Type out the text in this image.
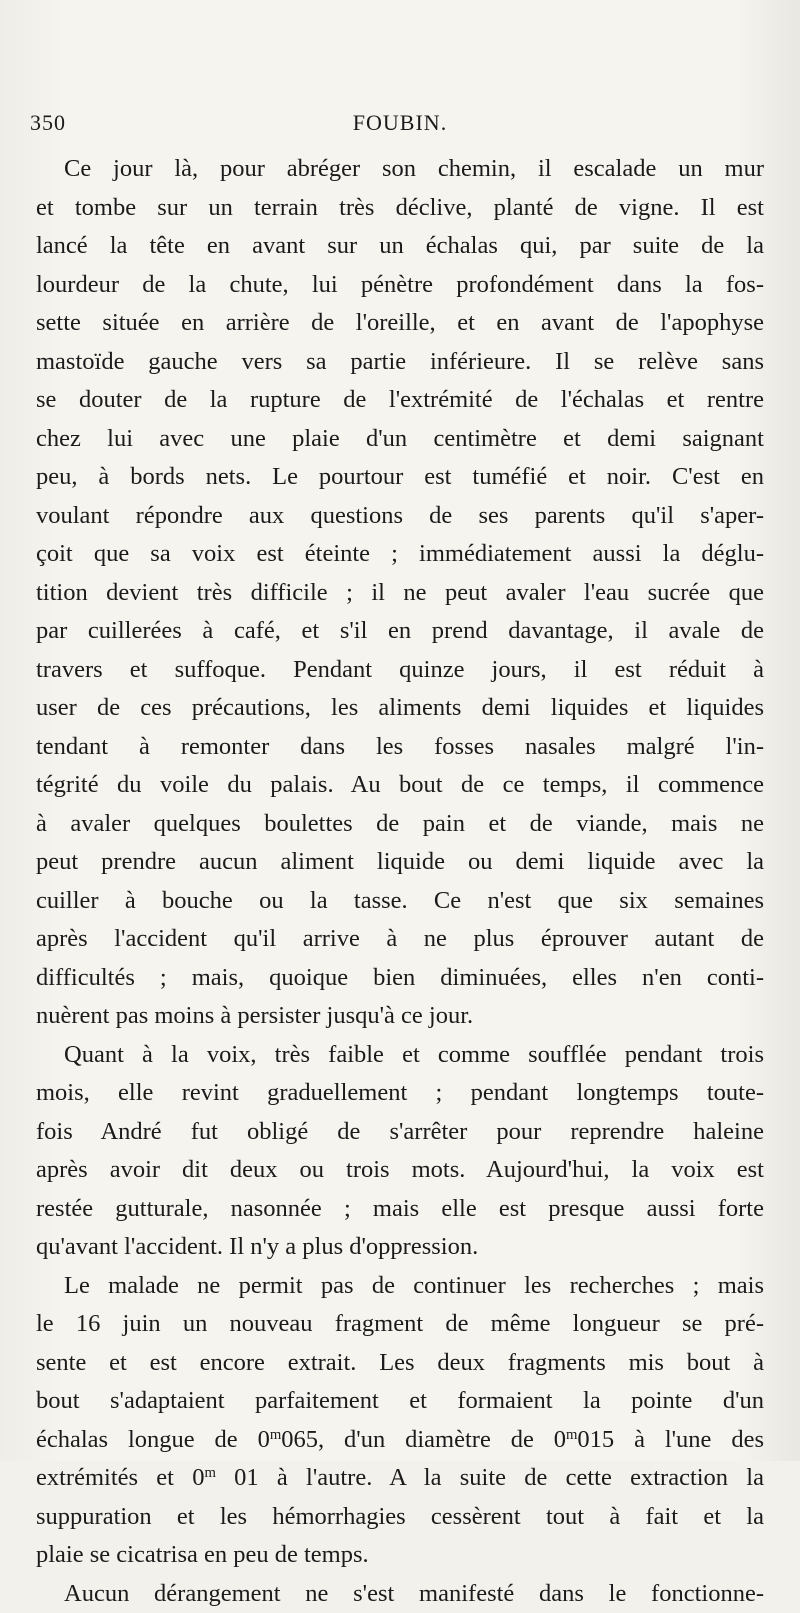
350	FOUBIN.
Ce jour là, pour abréger son chemin, il escalade un mur
et tombe sur un terrain très déclive, planté de vigne. Il est
lancé la tête en avant sur un échalas qui, par suite de la
lourdeur de la chute, lui pénètre profondément dans la fos-
sette située en arrière de l'oreille, et en avant de l'apophyse
mastoïde gauche vers sa partie inférieure. Il se relève sans
se douter de la rupture de l'extrémité de l'échalas et rentre
chez lui avec une plaie d'un centimètre et demi saignant
peu, à bords nets. Le pourtour est tuméfié et noir. C'est en
voulant répondre aux questions de ses parents qu'il s'aper-
çoit que sa voix est éteinte ; immédiatement aussi la déglu-
tition devient très difficile ; il ne peut avaler l'eau sucrée que
par cuillerées à café, et s'il en prend davantage, il avale de
travers et suffoque. Pendant quinze jours, il est réduit à
user de ces précautions, les aliments demi liquides et liquides
tendant à remonter dans les fosses nasales malgré l'in-
tégrité du voile du palais. Au bout de ce temps, il commence
à avaler quelques boulettes de pain et de viande, mais ne
peut prendre aucun aliment liquide ou demi liquide avec la
cuiller à bouche ou la tasse. Ce n'est que six semaines
après l'accident qu'il arrive à ne plus éprouver autant de
difficultés ; mais, quoique bien diminuées, elles n'en conti-
nuèrent pas moins à persister jusqu'à ce jour.
Quant à la voix, très faible et comme soufflée pendant trois
mois, elle revint graduellement ; pendant longtemps toute-
fois André fut obligé de s'arrêter pour reprendre haleine
après avoir dit deux ou trois mots. Aujourd'hui, la voix est
restée gutturale, nasonnée ; mais elle est presque aussi forte
qu'avant l'accident. Il n'y a plus d'oppression.
Le malade ne permit pas de continuer les recherches ; mais
le 16 juin un nouveau fragment de même longueur se pré-
sente et est encore extrait. Les deux fragments mis bout à
bout s'adaptaient parfaitement et formaient la pointe d'un
échalas longue de 0$^m$065, d'un diamètre de 0$^m$015 à l'une des
extrémités et 0$^m$ 01 à l'autre. A la suite de cette extraction la
suppuration et les hémorrhagies cessèrent tout à fait et la
plaie se cicatrisa en peu de temps.
Aucun dérangement ne s'est manifesté dans le fonctionne-
